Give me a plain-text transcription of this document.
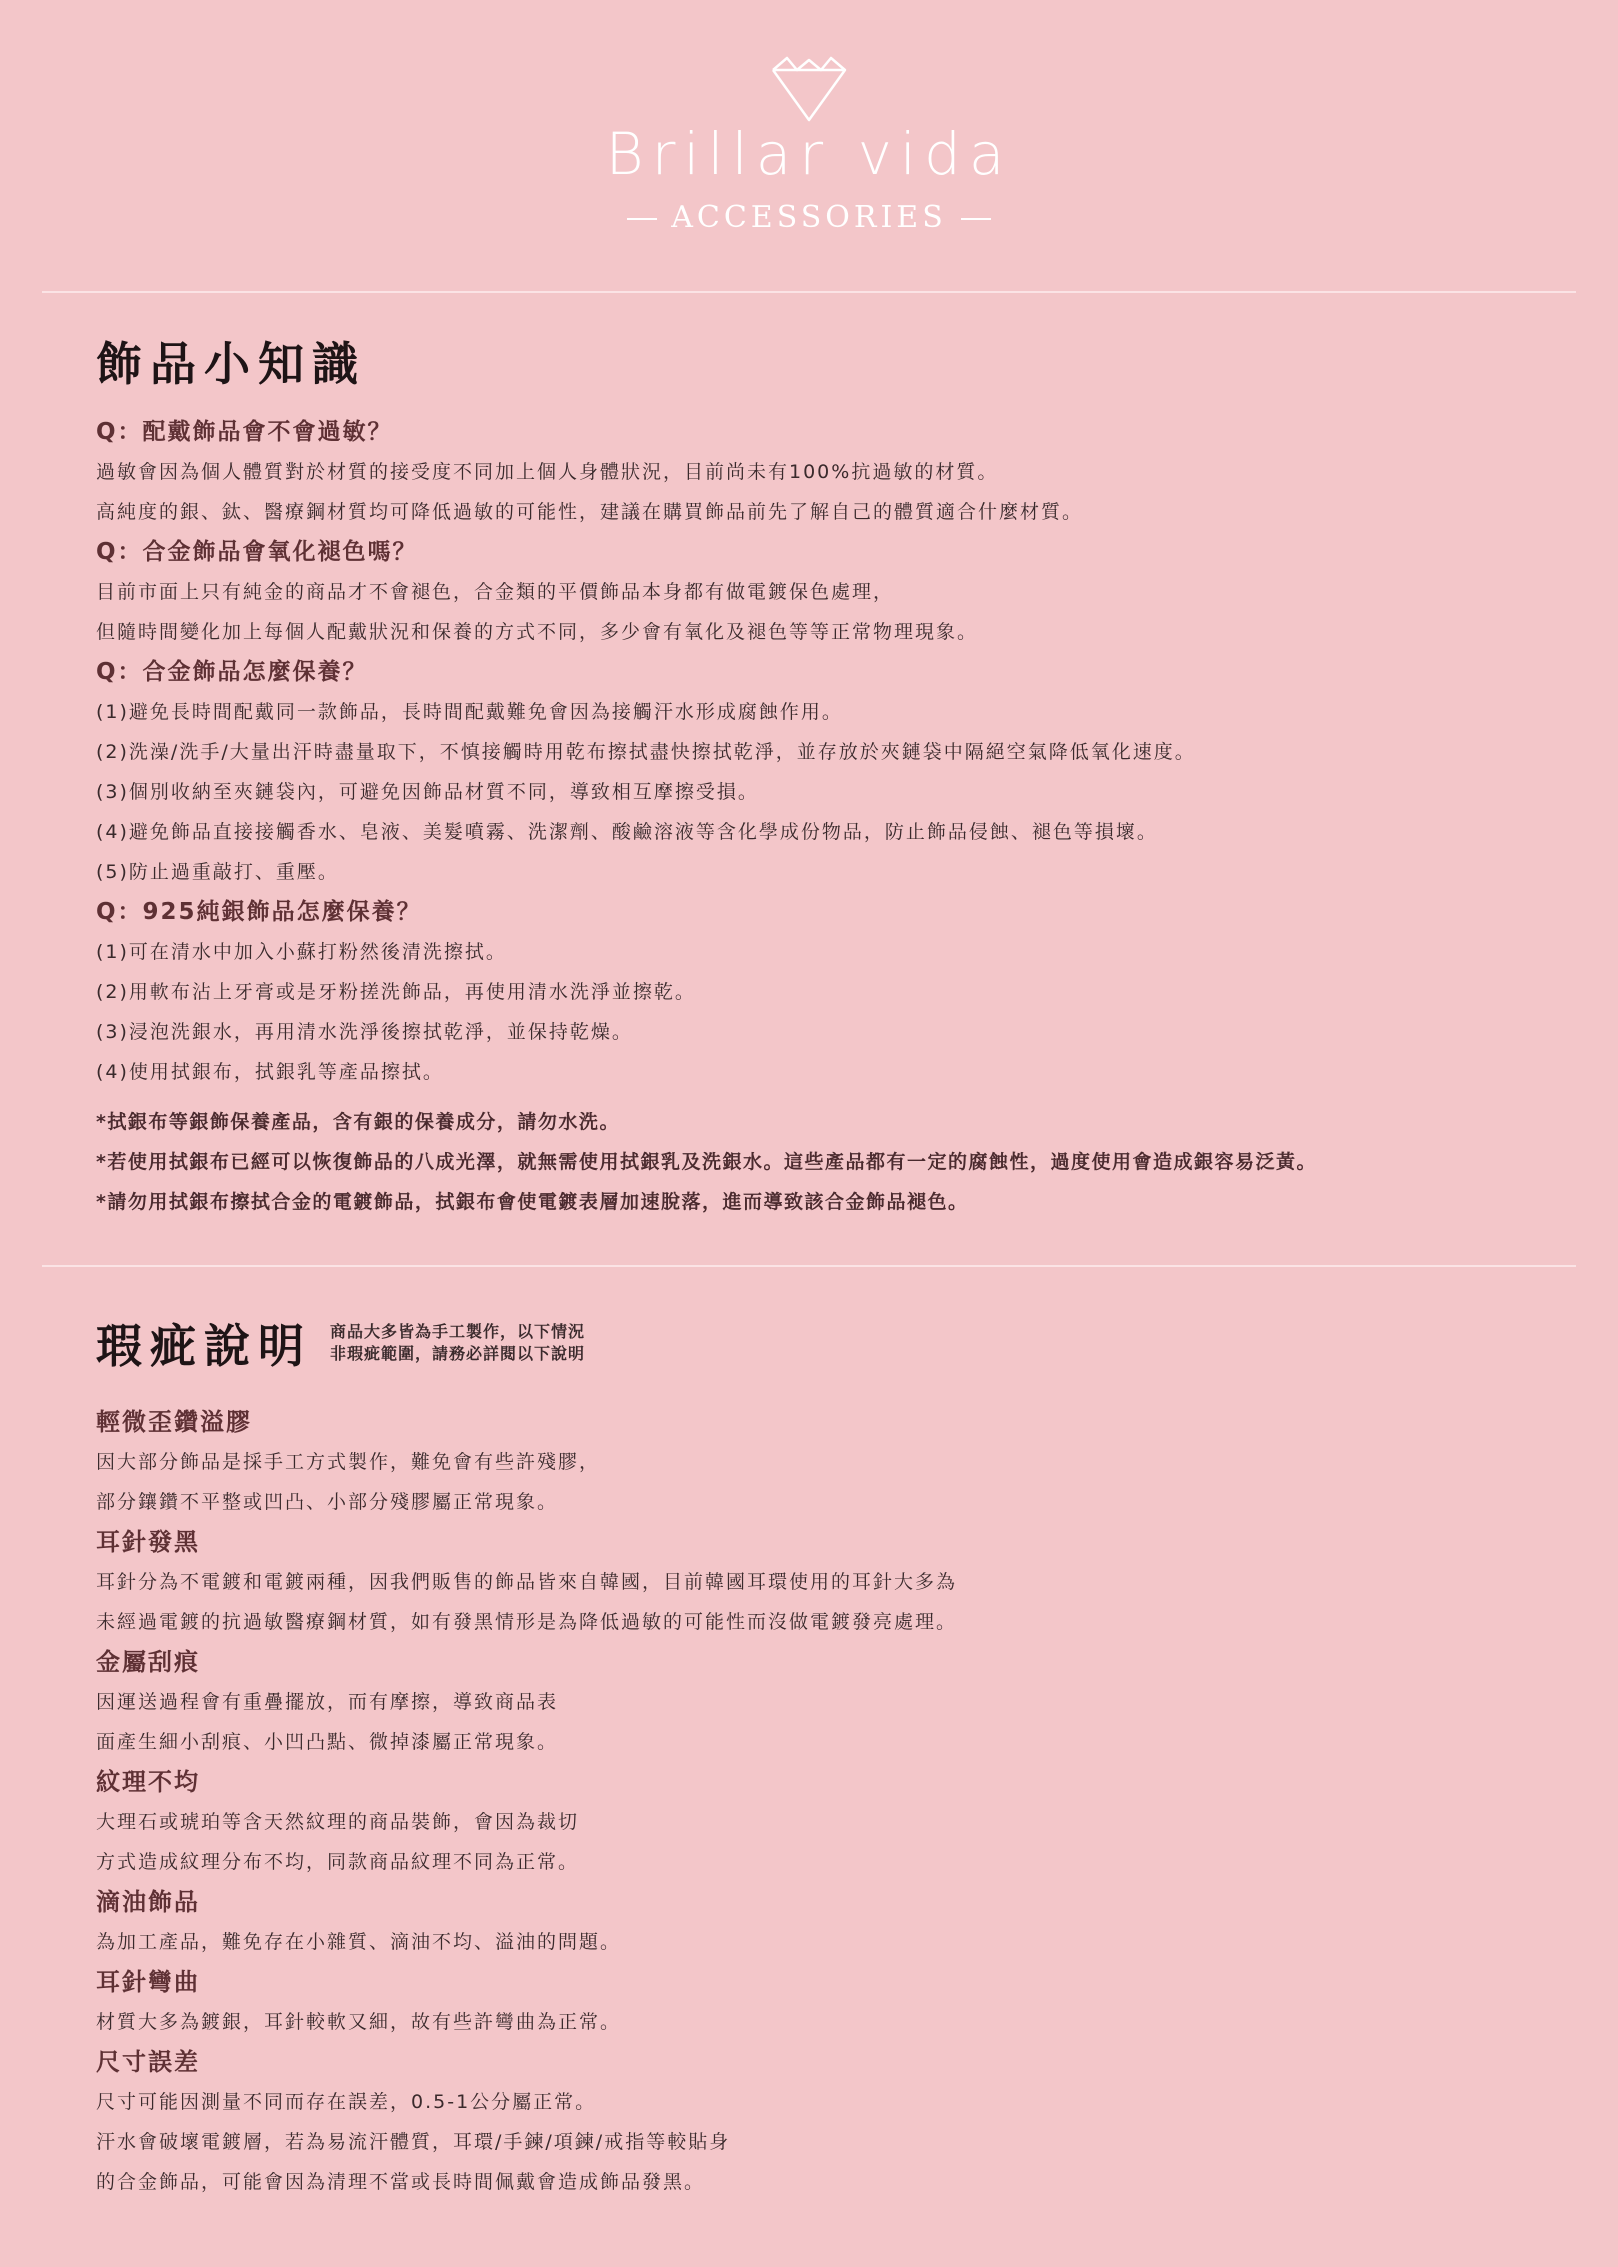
Brillar vida
ACCESSORIES
飾品小知識

Q：配戴飾品會不會過敏？

過敏會因為個人體質對於材質的接受度不同加上個人身體狀況，目前尚未有100%抗過敏的材質。

高純度的銀、鈦、醫療鋼材質均可降低過敏的可能性，建議在購買飾品前先了解自己的體質適合什麼材質。

Q：合金飾品會氧化褪色嗎？

目前市面上只有純金的商品才不會褪色，合金類的平價飾品本身都有做電鍍保色處理，

但隨時間變化加上每個人配戴狀況和保養的方式不同，多少會有氧化及褪色等等正常物理現象。

Q：合金飾品怎麼保養？

(1)避免長時間配戴同一款飾品，長時間配戴難免會因為接觸汗水形成腐蝕作用。

(2)洗澡/洗手/大量出汗時盡量取下，不慎接觸時用乾布擦拭盡快擦拭乾淨，並存放於夾鏈袋中隔絕空氣降低氧化速度。

(3)個別收納至夾鏈袋內，可避免因飾品材質不同，導致相互摩擦受損。

(4)避免飾品直接接觸香水、皂液、美髮噴霧、洗潔劑、酸鹼溶液等含化學成份物品，防止飾品侵蝕、褪色等損壞。

(5)防止過重敲打、重壓。

Q：925純銀飾品怎麼保養？

(1)可在清水中加入小蘇打粉然後清洗擦拭。

(2)用軟布沾上牙膏或是牙粉搓洗飾品，再使用清水洗淨並擦乾。

(3)浸泡洗銀水，再用清水洗淨後擦拭乾淨，並保持乾燥。

(4)使用拭銀布，拭銀乳等產品擦拭。

*拭銀布等銀飾保養產品，含有銀的保養成分，請勿水洗。

*若使用拭銀布已經可以恢復飾品的八成光澤，就無需使用拭銀乳及洗銀水。這些產品都有一定的腐蝕性，過度使用會造成銀容易泛黃。

*請勿用拭銀布擦拭合金的電鍍飾品，拭銀布會使電鍍表層加速脫落，進而導致該合金飾品褪色。

瑕疵說明 商品大多皆為手工製作，以下情況
非瑕疵範圍，請務必詳閱以下說明

輕微歪鑽溢膠

因大部分飾品是採手工方式製作，難免會有些許殘膠，

部分鑲鑽不平整或凹凸、小部分殘膠屬正常現象。

耳針發黑

耳針分為不電鍍和電鍍兩種，因我們販售的飾品皆來自韓國，目前韓國耳環使用的耳針大多為

未經過電鍍的抗過敏醫療鋼材質，如有發黑情形是為降低過敏的可能性而沒做電鍍發亮處理。

金屬刮痕

因運送過程會有重疊擺放，而有摩擦，導致商品表

面產生細小刮痕、小凹凸點、微掉漆屬正常現象。

紋理不均

大理石或琥珀等含天然紋理的商品裝飾，會因為裁切

方式造成紋理分布不均，同款商品紋理不同為正常。

滴油飾品

為加工產品，難免存在小雜質、滴油不均、溢油的問題。

耳針彎曲

材質大多為鍍銀，耳針較軟又細，故有些許彎曲為正常。

尺寸誤差

尺寸可能因測量不同而存在誤差，0.5-1公分屬正常。

汗水會破壞電鍍層，若為易流汗體質，耳環/手鍊/項鍊/戒指等較貼身

的合金飾品，可能會因為清理不當或長時間佩戴會造成飾品發黑。
